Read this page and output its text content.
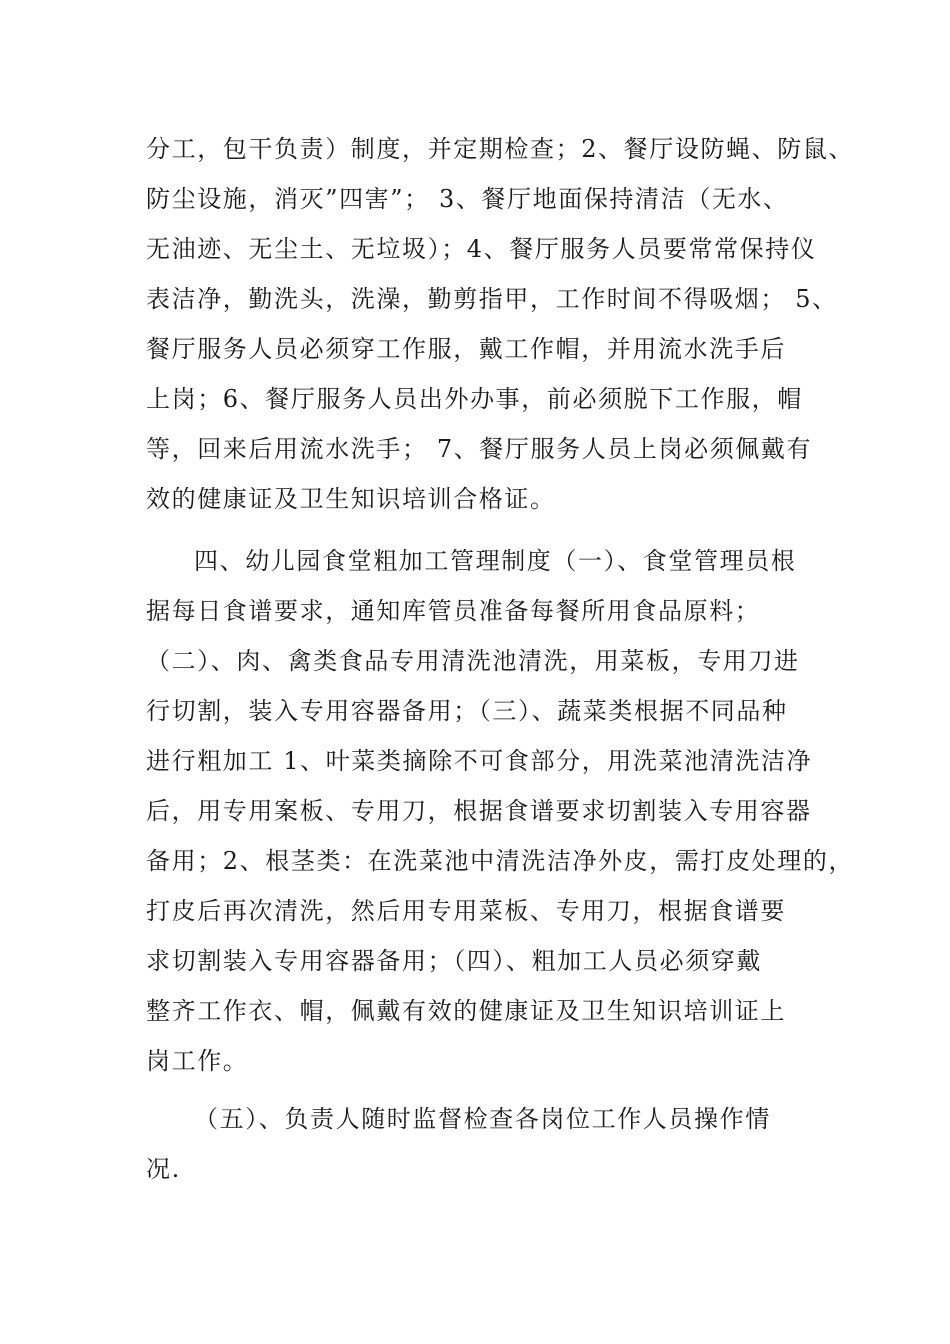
分工，包干负责）制度，并定期检查；2、餐厅设防蝇、防鼠、
防尘设施，消灭”四害”； 3、餐厅地面保持清洁（无水、
无油迹、无尘土、无垃圾）；4、餐厅服务人员要常常保持仪
表洁净，勤洗头，洗澡，勤剪指甲，工作时间不得吸烟； 5、
餐厅服务人员必须穿工作服，戴工作帽，并用流水洗手后
上岗；6、餐厅服务人员出外办事，前必须脱下工作服，帽
等，回来后用流水洗手； 7、餐厅服务人员上岗必须佩戴有
效的健康证及卫生知识培训合格证。
四、幼儿园食堂粗加工管理制度（一）、食堂管理员根
据每日食谱要求，通知库管员准备每餐所用食品原料；
（二）、肉、禽类食品专用清洗池清洗，用菜板，专用刀进
行切割，装入专用容器备用；（三）、蔬菜类根据不同品种
进行粗加工 1、叶菜类摘除不可食部分，用洗菜池清洗洁净
后，用专用案板、专用刀，根据食谱要求切割装入专用容器
备用；2、根茎类：在洗菜池中清洗洁净外皮，需打皮处理的，
打皮后再次清洗，然后用专用菜板、专用刀，根据食谱要
求切割装入专用容器备用；（四）、粗加工人员必须穿戴
整齐工作衣、帽，佩戴有效的健康证及卫生知识培训证上
岗工作。
（五）、负责人随时监督检查各岗位工作人员操作情
况.
